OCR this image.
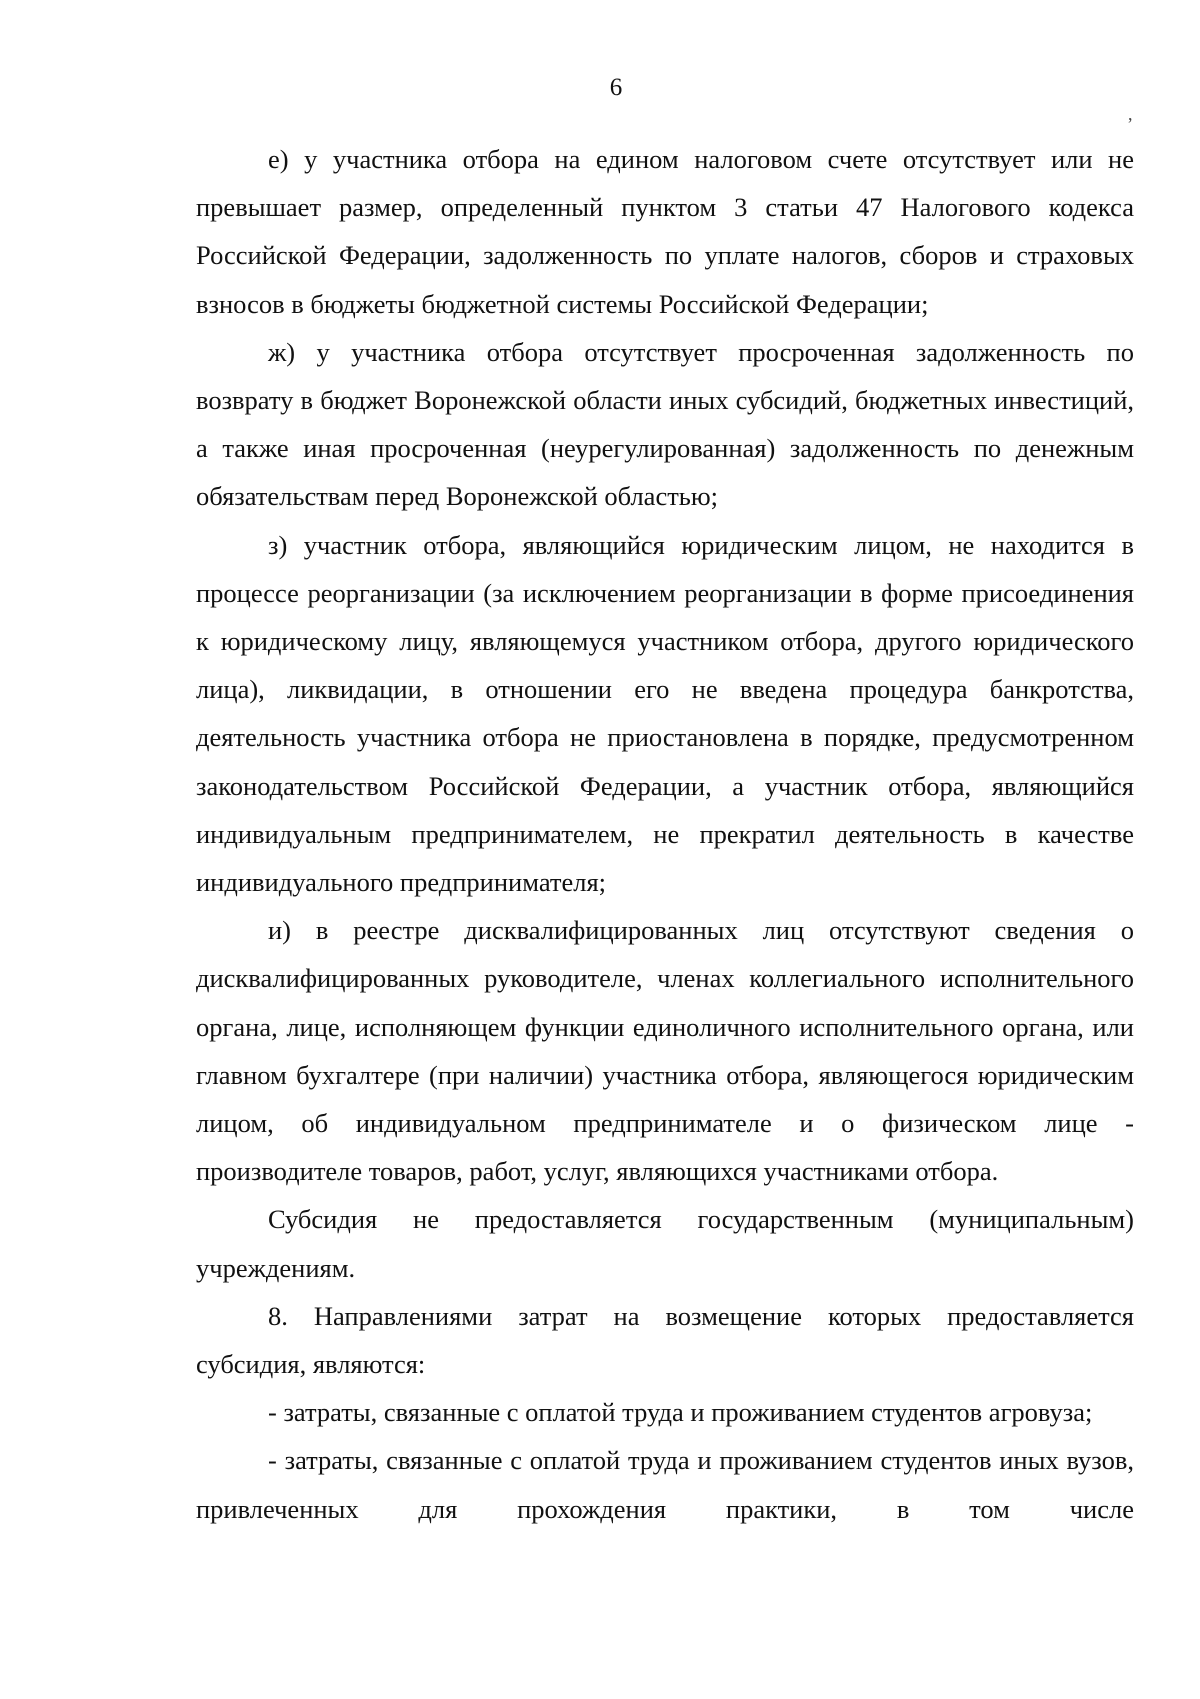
6
,

е) у участника отбора на едином налоговом счете отсутствует или не превышает размер, определенный пунктом 3 статьи 47 Налогового кодекса Российской Федерации, задолженность по уплате налогов, сборов и страховых взносов в бюджеты бюджетной системы Российской Федерации;

ж) у участника отбора отсутствует просроченная задолженность по возврату в бюджет Воронежской области иных субсидий, бюджетных инвестиций, а также иная просроченная (неурегулированная) задолженность по денежным обязательствам перед Воронежской областью;

з) участник отбора, являющийся юридическим лицом, не находится в процессе реорганизации (за исключением реорганизации в форме присоединения к юридическому лицу, являющемуся участником отбора, другого юридического лица), ликвидации, в отношении его не введена процедура банкротства, деятельность участника отбора не приостановлена в порядке, предусмотренном законодательством Российской Федерации, а участник отбора, являющийся индивидуальным предпринимателем, не прекратил деятельность в качестве индивидуального предпринимателя;

и) в реестре дисквалифицированных лиц отсутствуют сведения о дисквалифицированных руководителе, членах коллегиального исполнительного органа, лице, исполняющем функции единоличного исполнительного органа, или главном бухгалтере (при наличии) участника отбора, являющегося юридическим лицом, об индивидуальном предпринимателе и о физическом лице - производителе товаров, работ, услуг, являющихся участниками отбора.

Субсидия не предоставляется государственным (муниципальным) учреждениям.

8. Направлениями затрат на возмещение которых предоставляется субсидия, являются:

- затраты, связанные с оплатой труда и проживанием студентов агровуза;

- затраты, связанные с оплатой труда и проживанием студентов иных вузов, привлеченных для прохождения практики, в том числе
